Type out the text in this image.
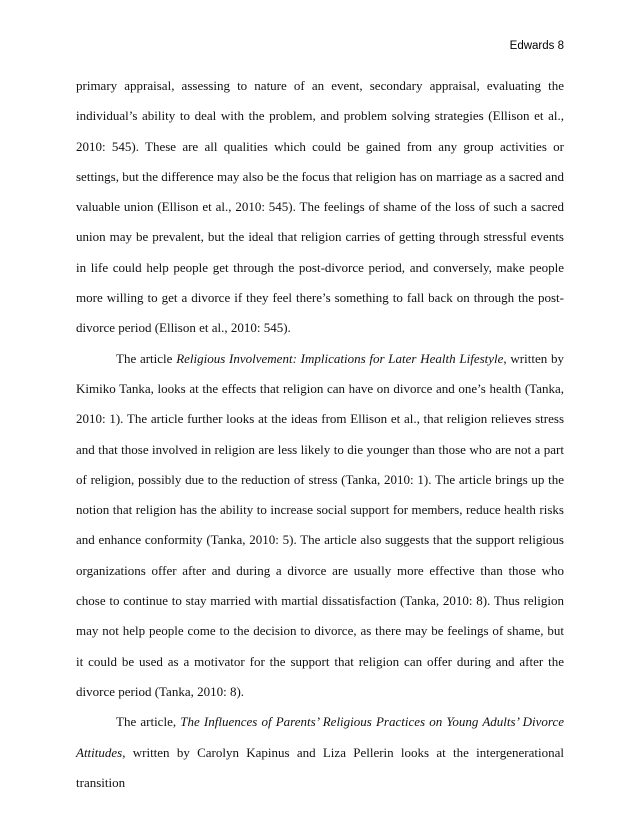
Edwards 8

primary appraisal, assessing to nature of an event, secondary appraisal, evaluating the individual’s ability to deal with the problem, and problem solving strategies (Ellison et al., 2010: 545). These are all qualities which could be gained from any group activities or settings, but the difference may also be the focus that religion has on marriage as a sacred and valuable union (Ellison et al., 2010: 545). The feelings of shame of the loss of such a sacred union may be prevalent, but the ideal that religion carries of getting through stressful events in life could help people get through the post-divorce period, and conversely, make people more willing to get a divorce if they feel there’s something to fall back on through the post-divorce period (Ellison et al., 2010: 545).

The article Religious Involvement: Implications for Later Health Lifestyle, written by Kimiko Tanka, looks at the effects that religion can have on divorce and one’s health (Tanka, 2010: 1). The article further looks at the ideas from Ellison et al., that religion relieves stress and that those involved in religion are less likely to die younger than those who are not a part of religion, possibly due to the reduction of stress (Tanka, 2010: 1). The article brings up the notion that religion has the ability to increase social support for members, reduce health risks and enhance conformity (Tanka, 2010: 5). The article also suggests that the support religious organizations offer after and during a divorce are usually more effective than those who chose to continue to stay married with martial dissatisfaction (Tanka, 2010: 8). Thus religion may not help people come to the decision to divorce, as there may be feelings of shame, but it could be used as a motivator for the support that religion can offer during and after the divorce period (Tanka, 2010: 8).

The article, The Influences of Parents’ Religious Practices on Young Adults’ Divorce Attitudes, written by Carolyn Kapinus and Liza Pellerin looks at the intergenerational transition
